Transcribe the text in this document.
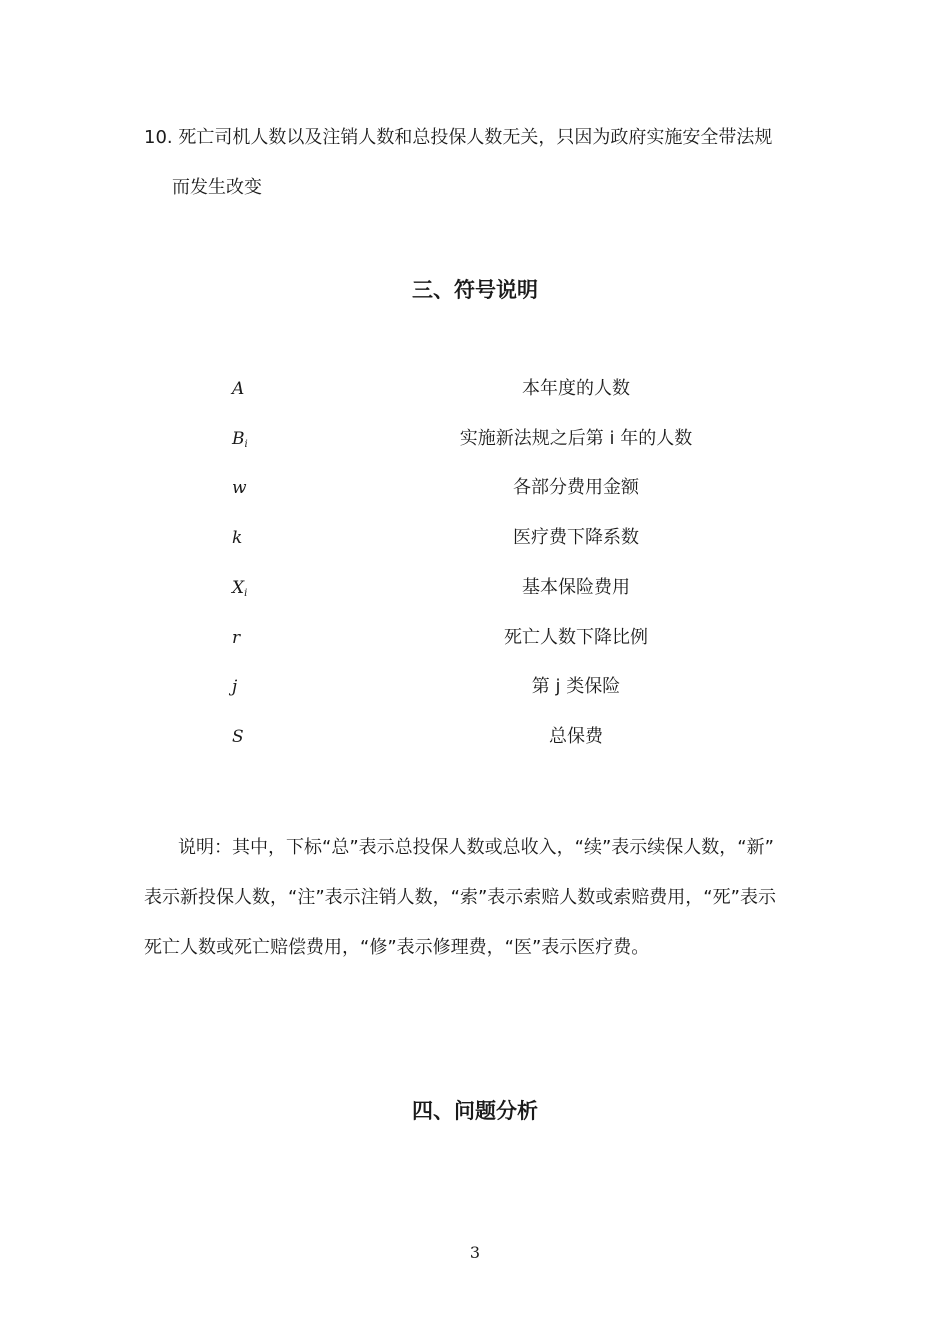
10. 死亡司机人数以及注销人数和总投保人数无关，只因为政府实施安全带法规
而发生改变
三、符号说明
A	本年度的人数
$B_i$	实施新法规之后第 i 年的人数
w	各部分费用金额
k	医疗费下降系数
$X_i$	基本保险费用
r	死亡人数下降比例
j	第 j 类保险
S	总保费
说明：其中，下标“总”表示总投保人数或总收入，“续”表示续保人数，“新”
表示新投保人数，“注”表示注销人数，“索”表示索赔人数或索赔费用，“死”表示
死亡人数或死亡赔偿费用，“修”表示修理费，“医”表示医疗费。
四、问题分析
3
